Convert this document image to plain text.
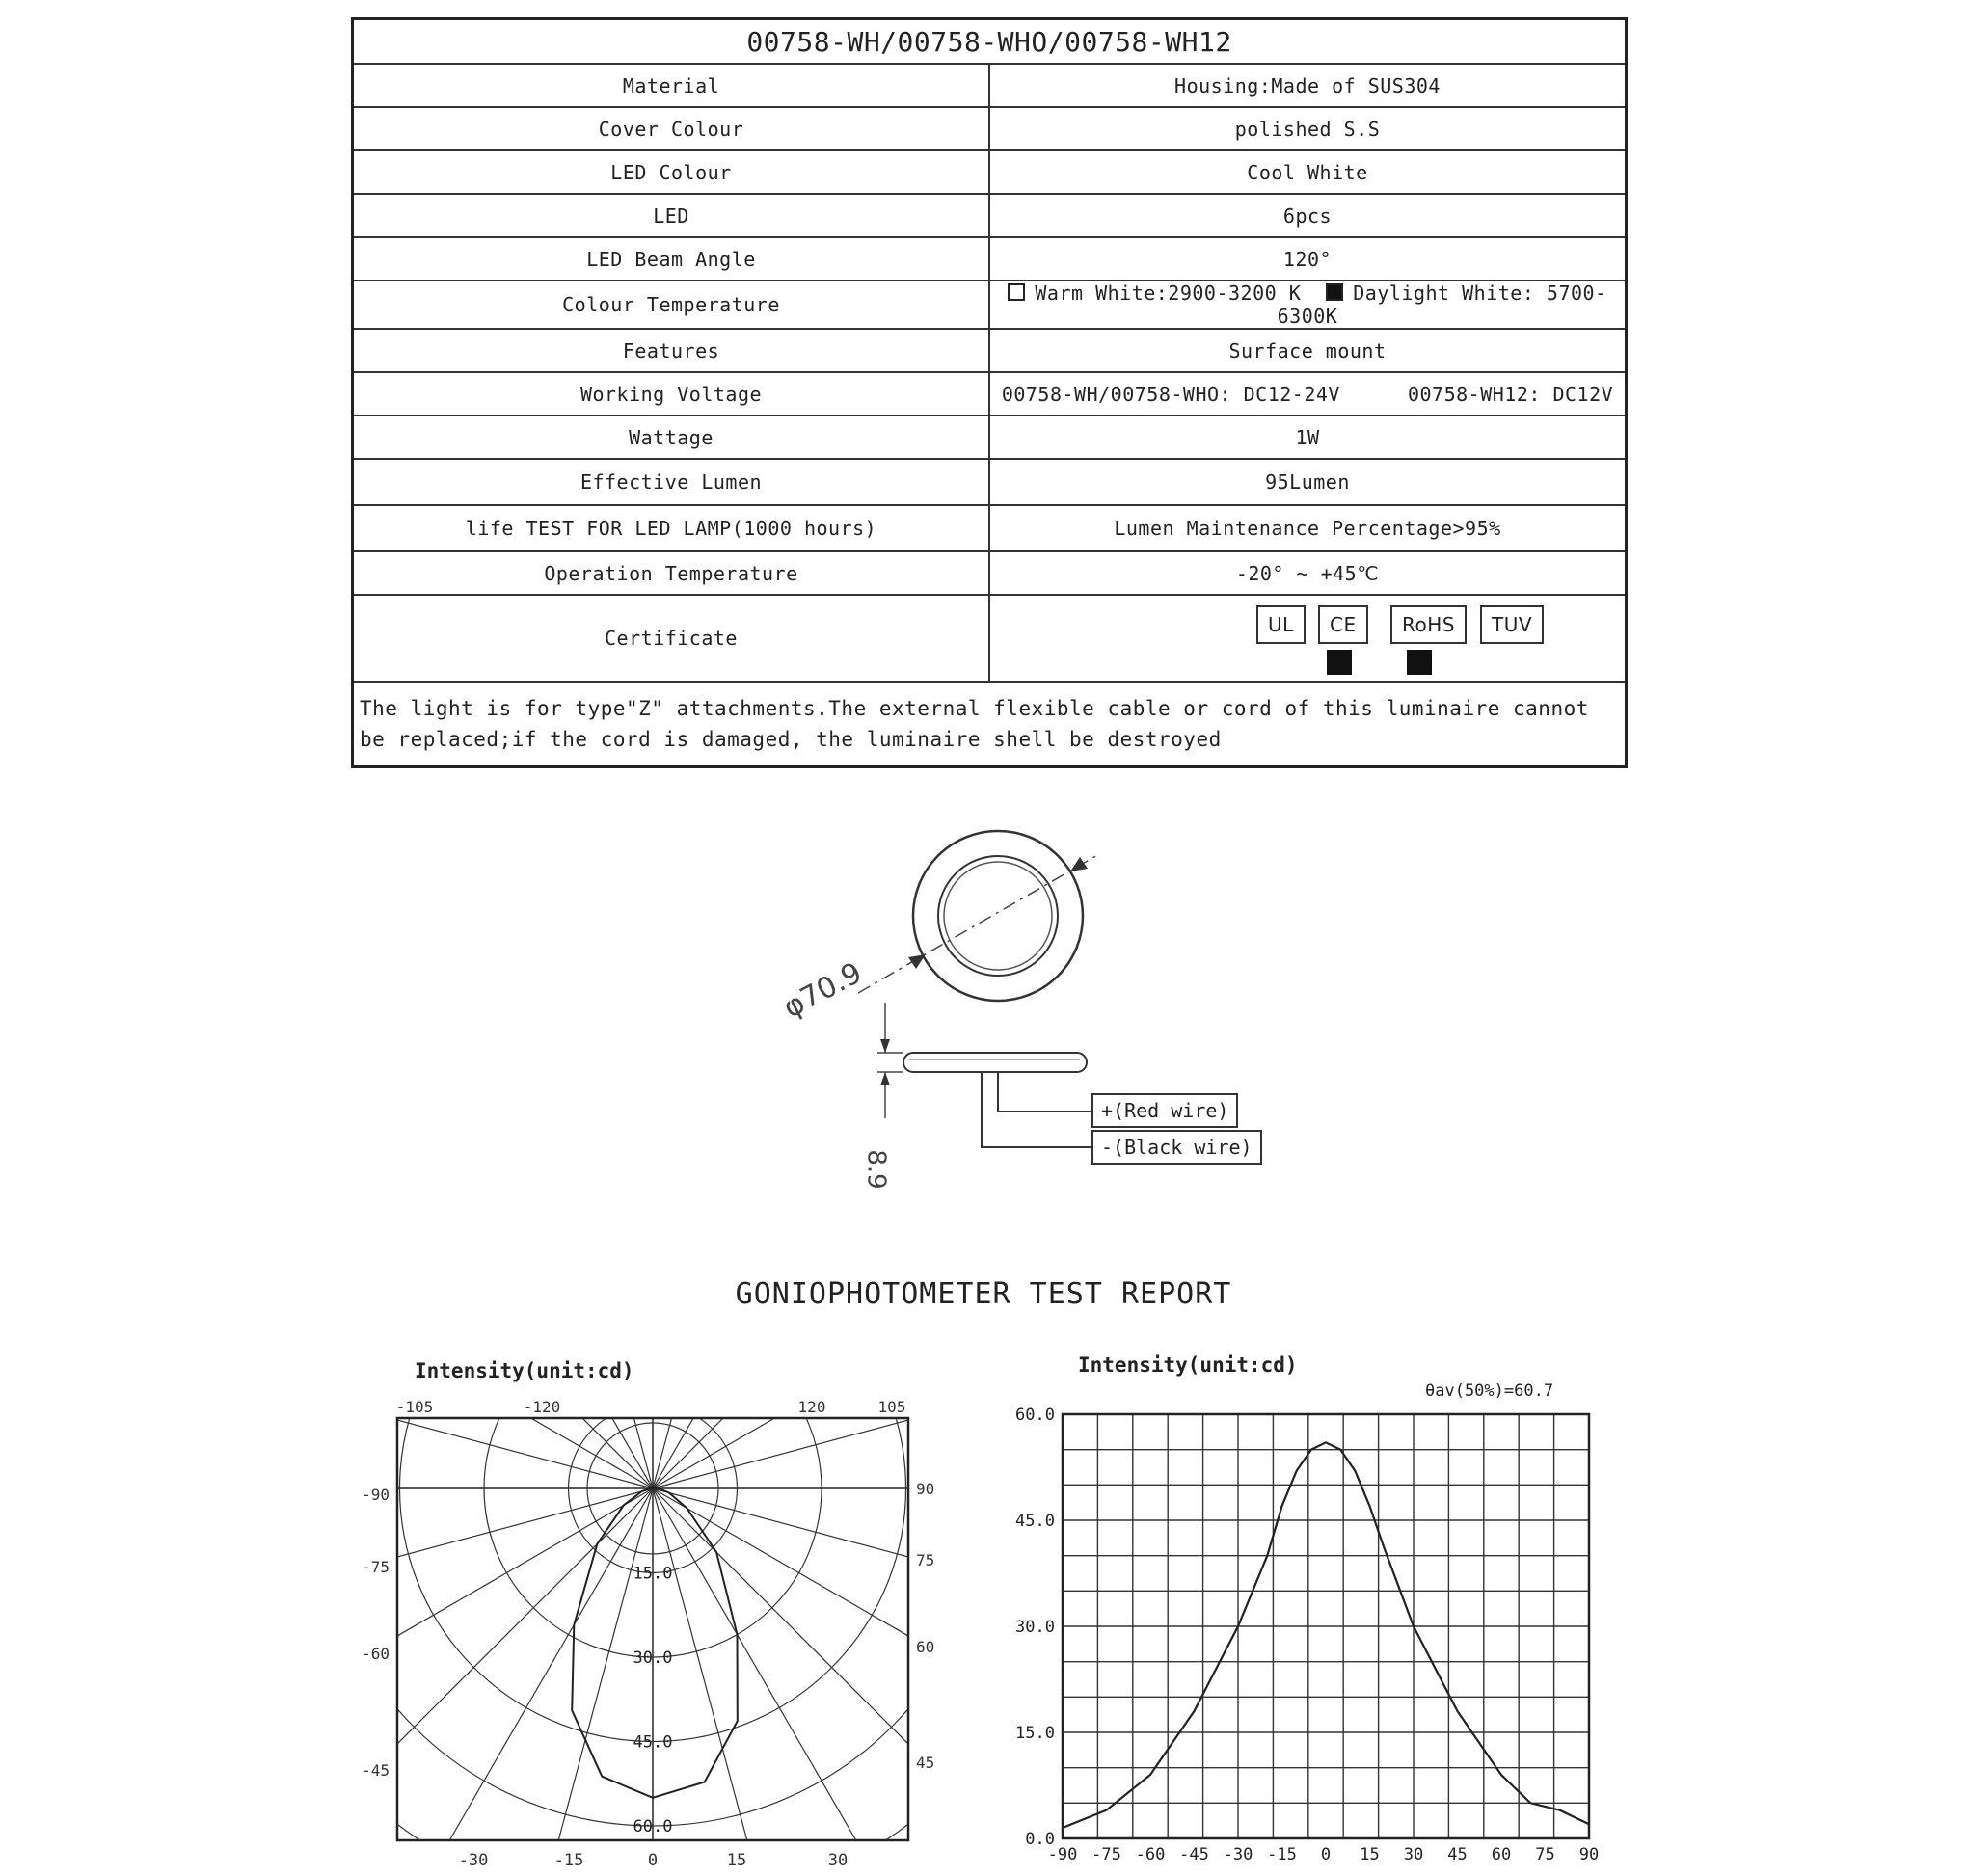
00758-WH/00758-WHO/00758-WH12	
Material	Housing:Made of SUS304
Cover Colour	polished S.S
LED Colour	Cool White
LED	6pcs
LED Beam Angle	120°
Colour Temperature	Warm White:2900-3200 K Daylight White: 5700-6300K
Features	Surface mount
Working Voltage	00758-WH/00758-WHO: DC12-24V 00758-WH12: DC12V
Wattage	1W
Effective Lumen	95Lumen
life TEST FOR LED LAMP(1000 hours)	Lumen Maintenance Percentage>95%
Operation Temperature	-20° ~ +45℃
Certificate	UL CE RoHS TUV

The light is for type"Z" attachments.The external flexible cable or cord of this luminaire cannot be replaced;if the cord is damaged, the luminaire shell be destroyed	
φ70.9
8.9
+(Red wire)
-(Black wire)
GONIOPHOTOMETER TEST REPORT
Intensity(unit:cd)
15.0
30.0
45.0
60.0
-105	-120	120	105
-90
-75
-60
-45
90
75
60
45
-30	-15	0	15	30
Intensity(unit:cd)
θav(50%)=60.7
-90 -75 -60 -45 -30 -15 0 15 30 45 60 75 90
0.0
15.0
30.0
45.0
60.0
